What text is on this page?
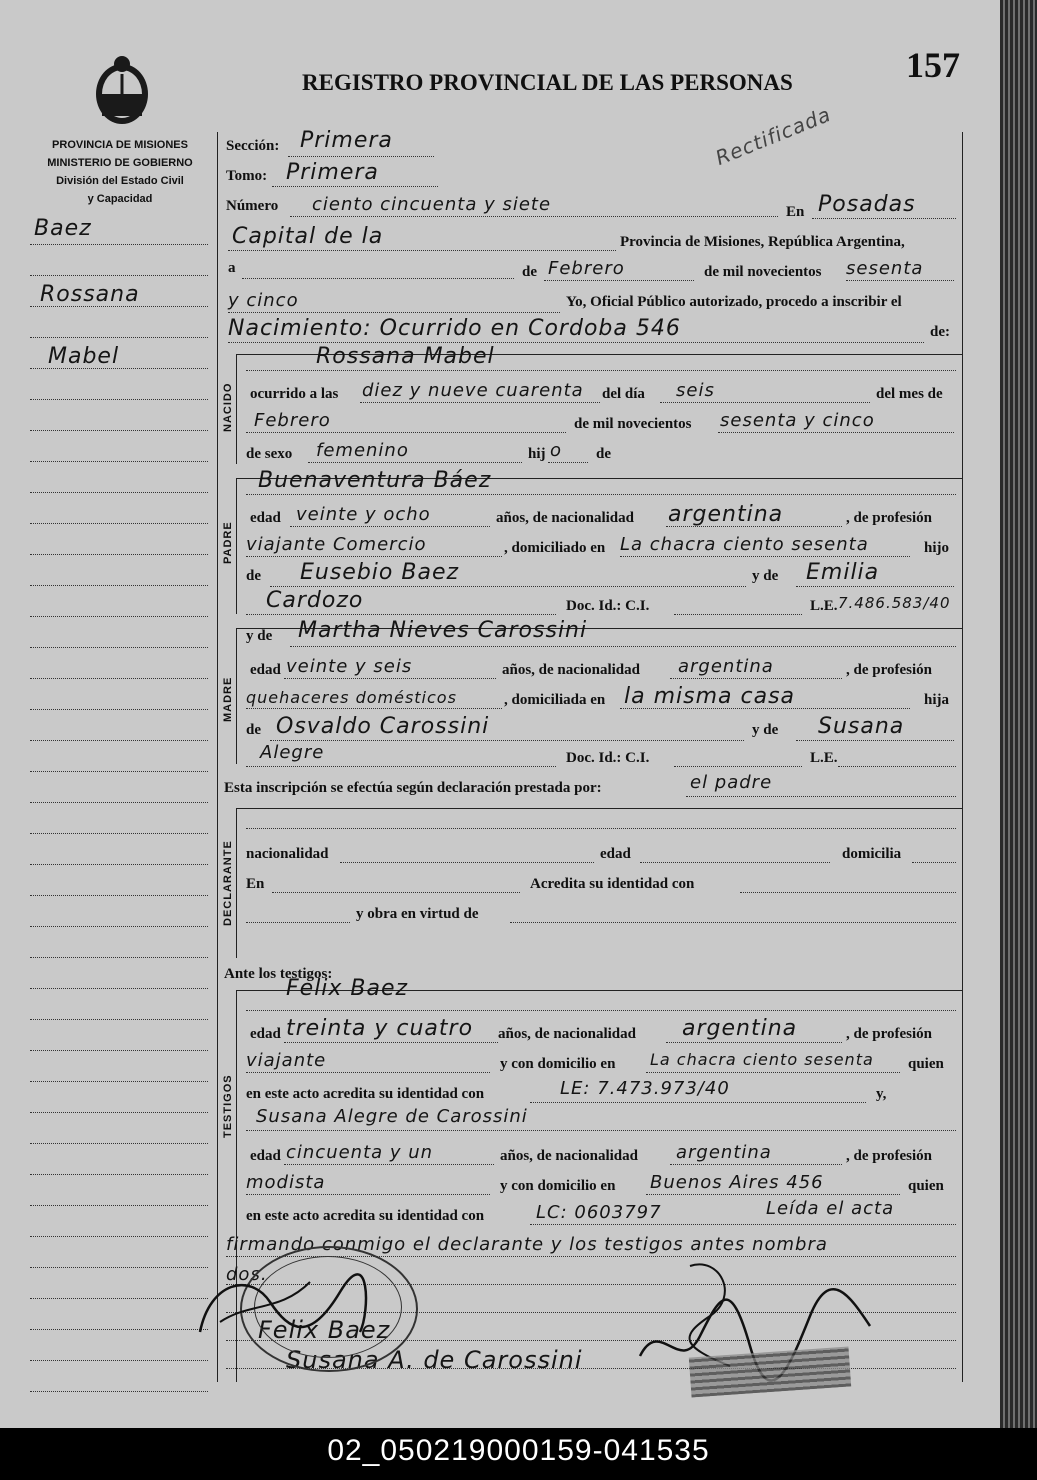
PROVINCIA DE MISIONES
MINISTERIO DE GOBIERNO
División del Estado Civil
y Capacidad
REGISTRO PROVINCIAL DE LAS PERSONAS	157
Rectificada
Baez
Rossana
Mabel
NACIDO
PADRE
MADRE
DECLARANTE
TESTIGOS
Sección: Primera
Tomo: Primera
Número ciento cincuenta y siete	En Posadas
Capital de la	Provincia de Misiones, República Argentina,
a	de Febrero	de mil novecientos sesenta
y cinco	Yo, Oficial Público autorizado, procedo a inscribir el
Nacimiento: Ocurrido en Cordoba 546	de:
Rossana Mabel
ocurrido a las diez y nueve cuarenta del día seis	del mes de
Febrero	de mil novecientos sesenta y cinco
de sexo femenino	hij o de
Buenaventura Báez
edad veinte y ocho	años, de nacionalidad argentina	, de profesión
viajante Comercio	, domiciliado en La chacra ciento sesenta	hijo
de Eusebio Baez	y de Emilia
Cardozo	Doc. Id.: C.I.	L.E. 7.486.583/40
y de Martha Nieves Carossini
edad veinte y seis	años, de nacionalidad argentina	, de profesión
quehaceres domésticos	, domiciliada en la misma casa	hija
de Osvaldo Carossini	y de Susana
Alegre	Doc. Id.: C.I.	L.E.
Esta inscripción se efectúa según declaración prestada por:	el padre
nacionalidad	edad	domicilia
En	Acredita su identidad con
y obra en virtud de
Ante los testigos:
Felix Baez
edad treinta y cuatro años, de nacionalidad argentina	, de profesión
viajante	y con domicilio en La chacra ciento sesenta quien
en este acto acredita su identidad con	LE: 7.473.973/40	y,
Susana Alegre de Carossini
edad cincuenta y un	años, de nacionalidad argentina	, de profesión
modista	y con domicilio en Buenos Aires 456	quien
en este acto acredita su identidad con	LC: 0603797	Leída el acta
firmando conmigo el declarante y los testigos antes nombra
dos.
Felix Baez
Susana A. de Carossini
02_050219000159-041535
